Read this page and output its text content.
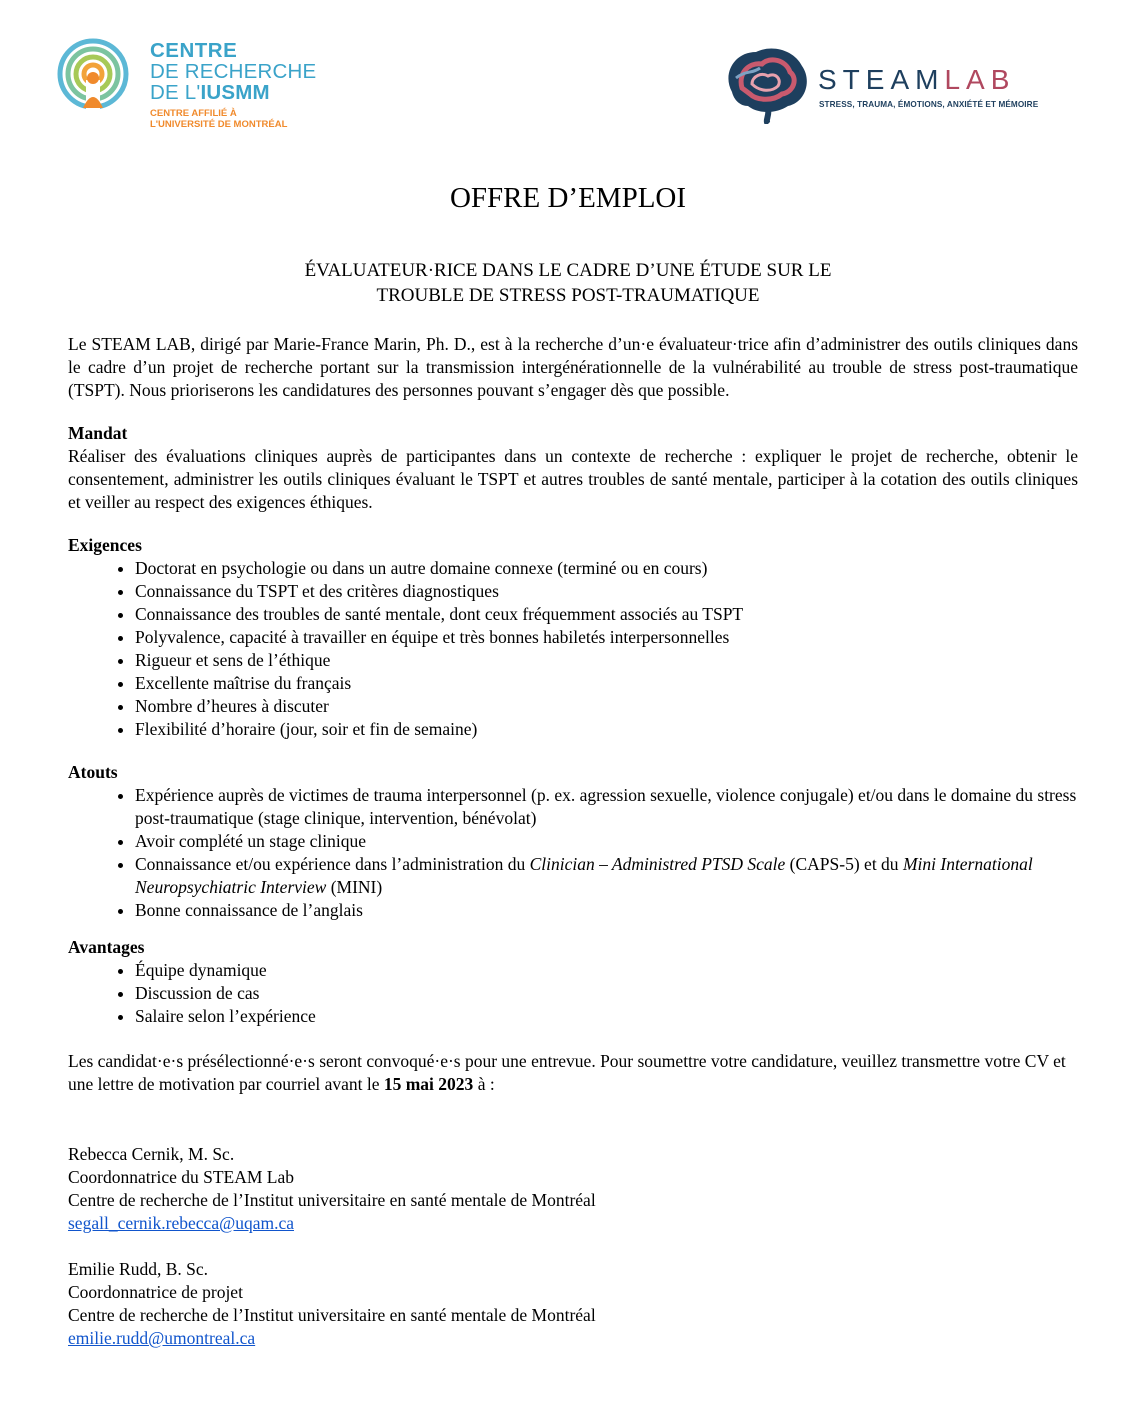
CENTRE
DE RECHERCHE
DE L'IUSMM
CENTRE AFFILIÉ À
L'UNIVERSITÉ DE MONTRÉAL
STEAMLAB
STRESS, TRAUMA, ÉMOTIONS, ANXIÉTÉ ET MÉMOIRE
OFFRE D’EMPLOI
ÉVALUATEUR·RICE DANS LE CADRE D’UNE ÉTUDE SUR LE
TROUBLE DE STRESS POST-TRAUMATIQUE

Le STEAM LAB, dirigé par Marie-France Marin, Ph. D., est à la recherche d’un·e évaluateur·trice afin d’administrer des outils cliniques dans le cadre d’un projet de recherche portant sur la transmission intergénérationnelle de la vulnérabilité au trouble de stress post-traumatique (TSPT). Nous prioriserons les candidatures des personnes pouvant s’engager dès que possible.

Mandat

Réaliser des évaluations cliniques auprès de participantes dans un contexte de recherche : expliquer le projet de recherche, obtenir le consentement, administrer les outils cliniques évaluant le TSPT et autres troubles de santé mentale, participer à la cotation des outils cliniques et veiller au respect des exigences éthiques.

Exigences

• Doctorat en psychologie ou dans un autre domaine connexe (terminé ou en cours)
• Connaissance du TSPT et des critères diagnostiques
• Connaissance des troubles de santé mentale, dont ceux fréquemment associés au TSPT
• Polyvalence, capacité à travailler en équipe et très bonnes habiletés interpersonnelles
• Rigueur et sens de l’éthique
• Excellente maîtrise du français
• Nombre d’heures à discuter
• Flexibilité d’horaire (jour, soir et fin de semaine)

Atouts

• Expérience auprès de victimes de trauma interpersonnel (p. ex. agression sexuelle, violence conjugale) et/ou dans le domaine du stress post-traumatique (stage clinique, intervention, bénévolat)
• Avoir complété un stage clinique
• Connaissance et/ou expérience dans l’administration du Clinician – Administred PTSD Scale (CAPS-5) et du Mini International Neuropsychiatric Interview (MINI)
• Bonne connaissance de l’anglais

Avantages

• Équipe dynamique
• Discussion de cas
• Salaire selon l’expérience

Les candidat·e·s présélectionné·e·s seront convoqué·e·s pour une entrevue. Pour soumettre votre candidature, veuillez transmettre votre CV et une lettre de motivation par courriel avant le 15 mai 2023 à :

Rebecca Cernik, M. Sc.

Coordonnatrice du STEAM Lab

Centre de recherche de l’Institut universitaire en santé mentale de Montréal

segall_cernik.rebecca@uqam.ca

Emilie Rudd, B. Sc.

Coordonnatrice de projet

Centre de recherche de l’Institut universitaire en santé mentale de Montréal

emilie.rudd@umontreal.ca
